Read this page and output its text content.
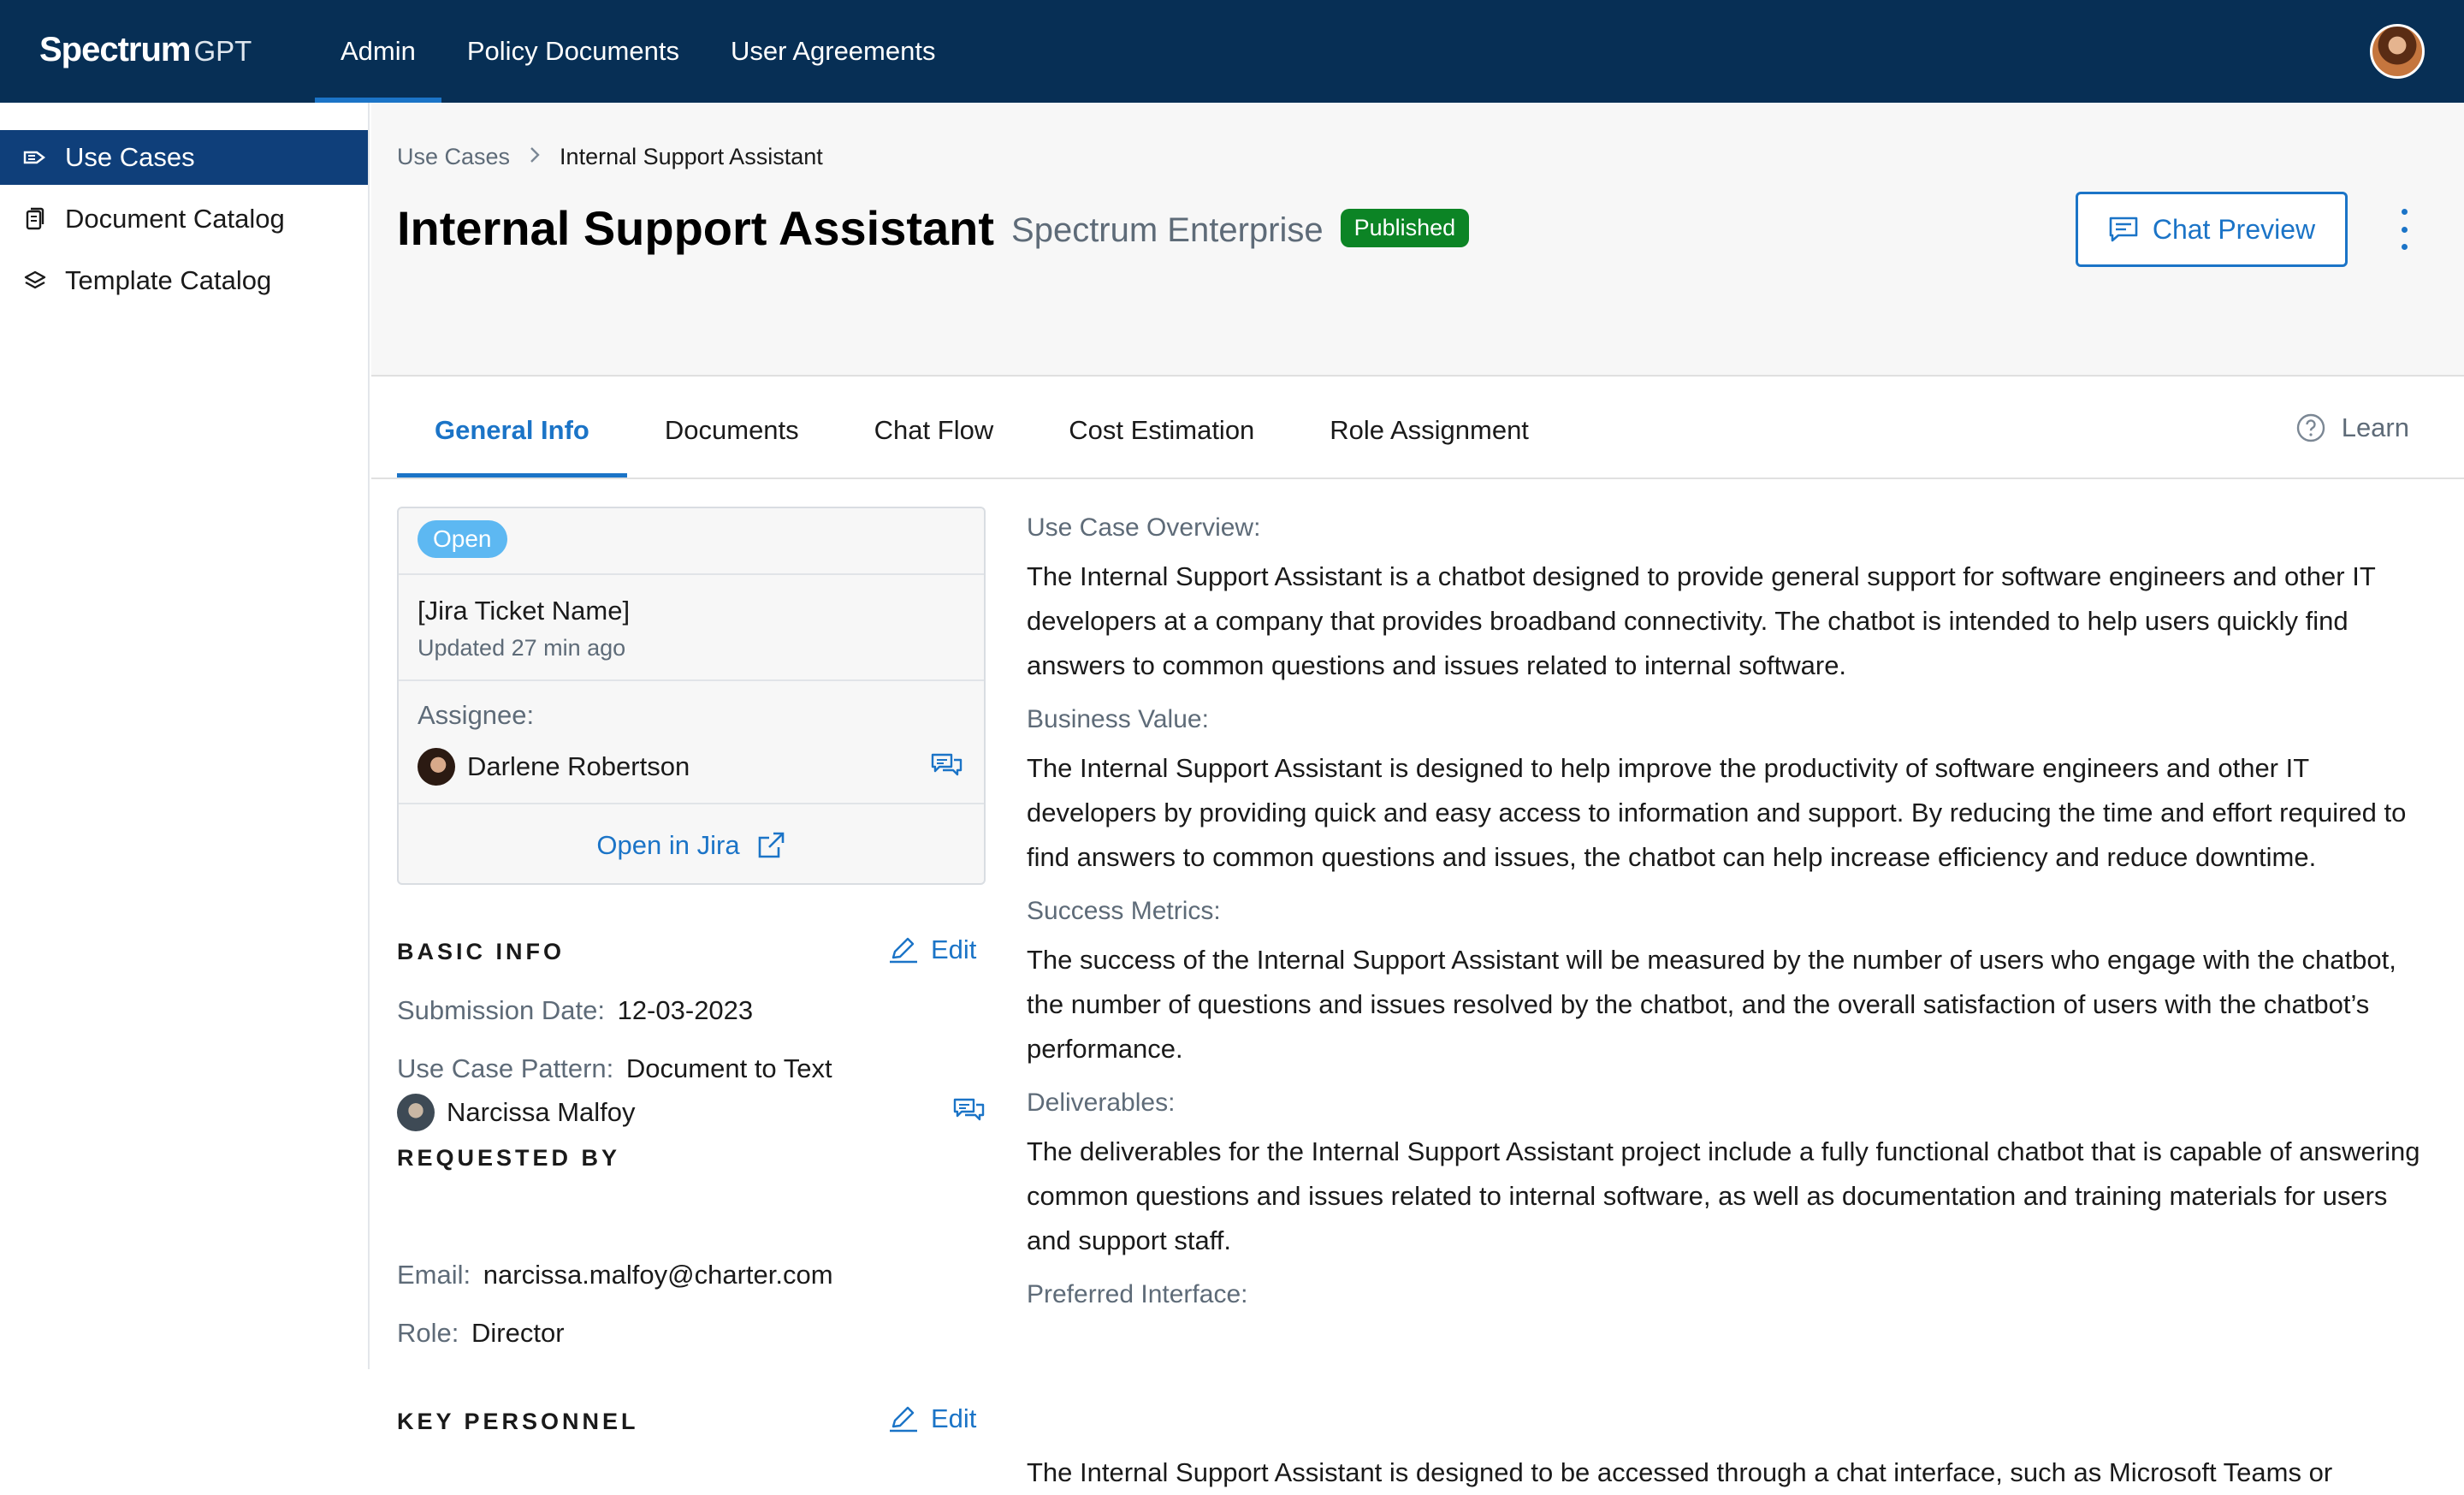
Spectrum GPT	Admin	Policy Documents	User Agreements
Use Cases
Document Catalog
Template Catalog
Use Cases Internal Support Assistant
Internal Support Assistant Spectrum Enterprise	Published	Chat Preview
General Info	Documents	Chat Flow	Cost Estimation	Role Assignment	Learn
Open
[Jira Ticket Name]
Updated 27 min ago
Assignee:
Darlene Robertson
Open in Jira
BASIC INFO	Edit
Submission Date: 12-03-2023
Use Case Pattern: Document to Text
REQUESTED BY
Narcissa Malfoy
Email: narcissa.malfoy@charter.com
Role: Director
KEY PERSONNEL	Edit
Use Case Overview:

The Internal Support Assistant is a chatbot designed to provide general support for software engineers and other IT developers at a company that provides broadband connectivity. The chatbot is intended to help users quickly find answers to common questions and issues related to internal software.

Business Value:

The Internal Support Assistant is designed to help improve the productivity of software engineers and other IT developers by providing quick and easy access to information and support. By reducing the time and effort required to find answers to common questions and issues, the chatbot can help increase efficiency and reduce downtime.

Success Metrics:

The success of the Internal Support Assistant will be measured by the number of users who engage with the chatbot, the number of questions and issues resolved by the chatbot, and the overall satisfaction of users with the chatbot’s performance.

Deliverables:

The deliverables for the Internal Support Assistant project include a fully functional chatbot that is capable of answering common questions and issues related to internal software, as well as documentation and training materials for users and support staff.

Preferred Interface:

The Internal Support Assistant is designed to be accessed through a chat interface, such as Microsoft Teams or
